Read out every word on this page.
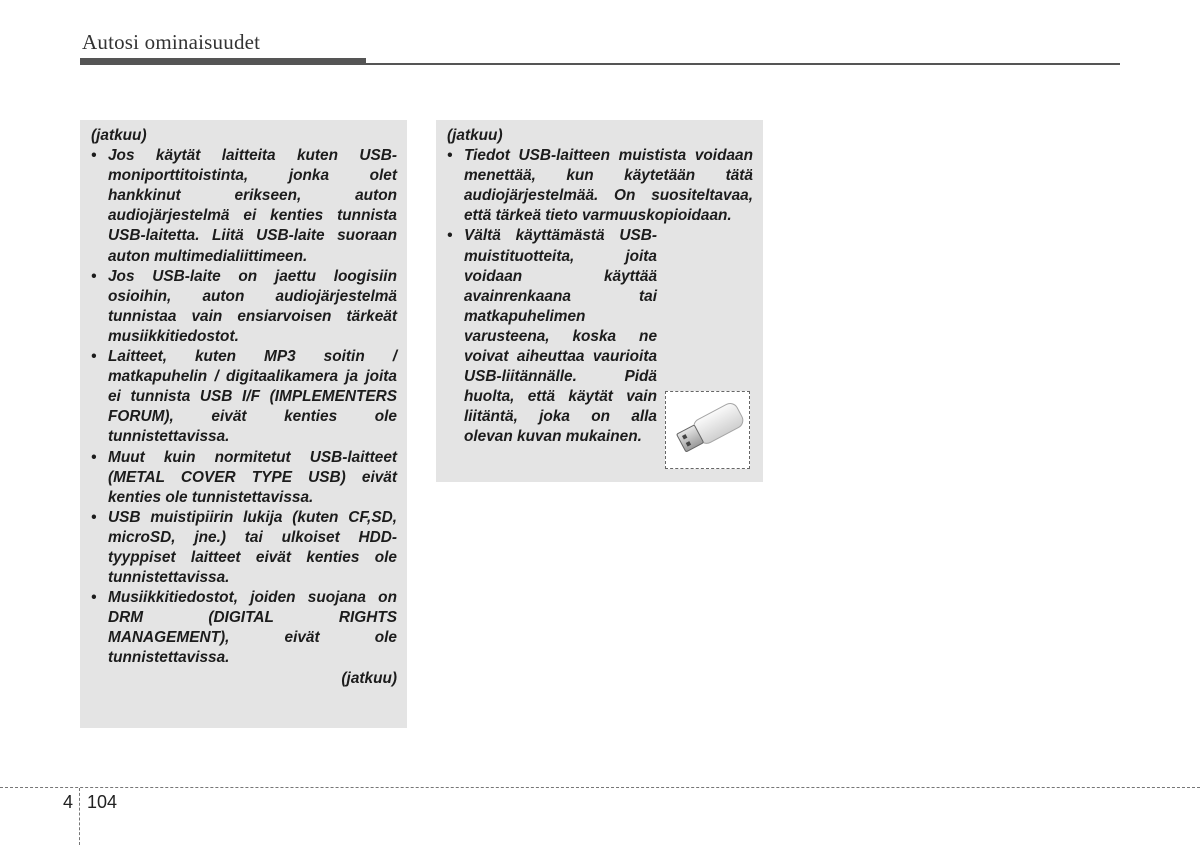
Autosi ominaisuudet

(jatkuu)

• Jos käytät laitteita kuten USB-moniporttitoistinta, jonka olet hankkinut erikseen, auton audiojärjestelmä ei kenties tunnista USB-laitetta. Liitä USB-laite suoraan auton multimedialiittimeen.
• Jos USB-laite on jaettu loogisiin osioihin, auton audiojärjestelmä tunnistaa vain ensiarvoisen tärkeät musiikkitiedostot.
• Laitteet, kuten MP3 soitin / matkapuhelin / digitaalikamera ja joita ei tunnista USB I/F (IMPLEMENTERS FORUM), eivät kenties ole tunnistettavissa.
• Muut kuin normitetut USB-laitteet (METAL COVER TYPE USB) eivät kenties ole tunnistettavissa.
• USB muistipiirin lukija (kuten CF,SD, microSD, jne.) tai ulkoiset HDD-tyyppiset laitteet eivät kenties ole tunnistettavissa.
• Musiikkitiedostot, joiden suojana on DRM (DIGITAL RIGHTS MANAGEMENT), eivät ole tunnistettavissa.

(jatkuu)

(jatkuu)

• Tiedot USB-laitteen muistista voidaan menettää, kun käytetään tätä audiojärjestelmää. On suositeltavaa, että tärkeä tieto varmuuskopioidaan.
• Vältä käyttämästä USB-muistituotteita, joita voidaan käyttää avainrenkaana tai matkapuhelimen varusteena, koska ne voivat aiheuttaa vaurioita USB-liitännälle. Pidä huolta, että käytät vain liitäntä, joka on alla olevan kuvan mukainen.
4 104
